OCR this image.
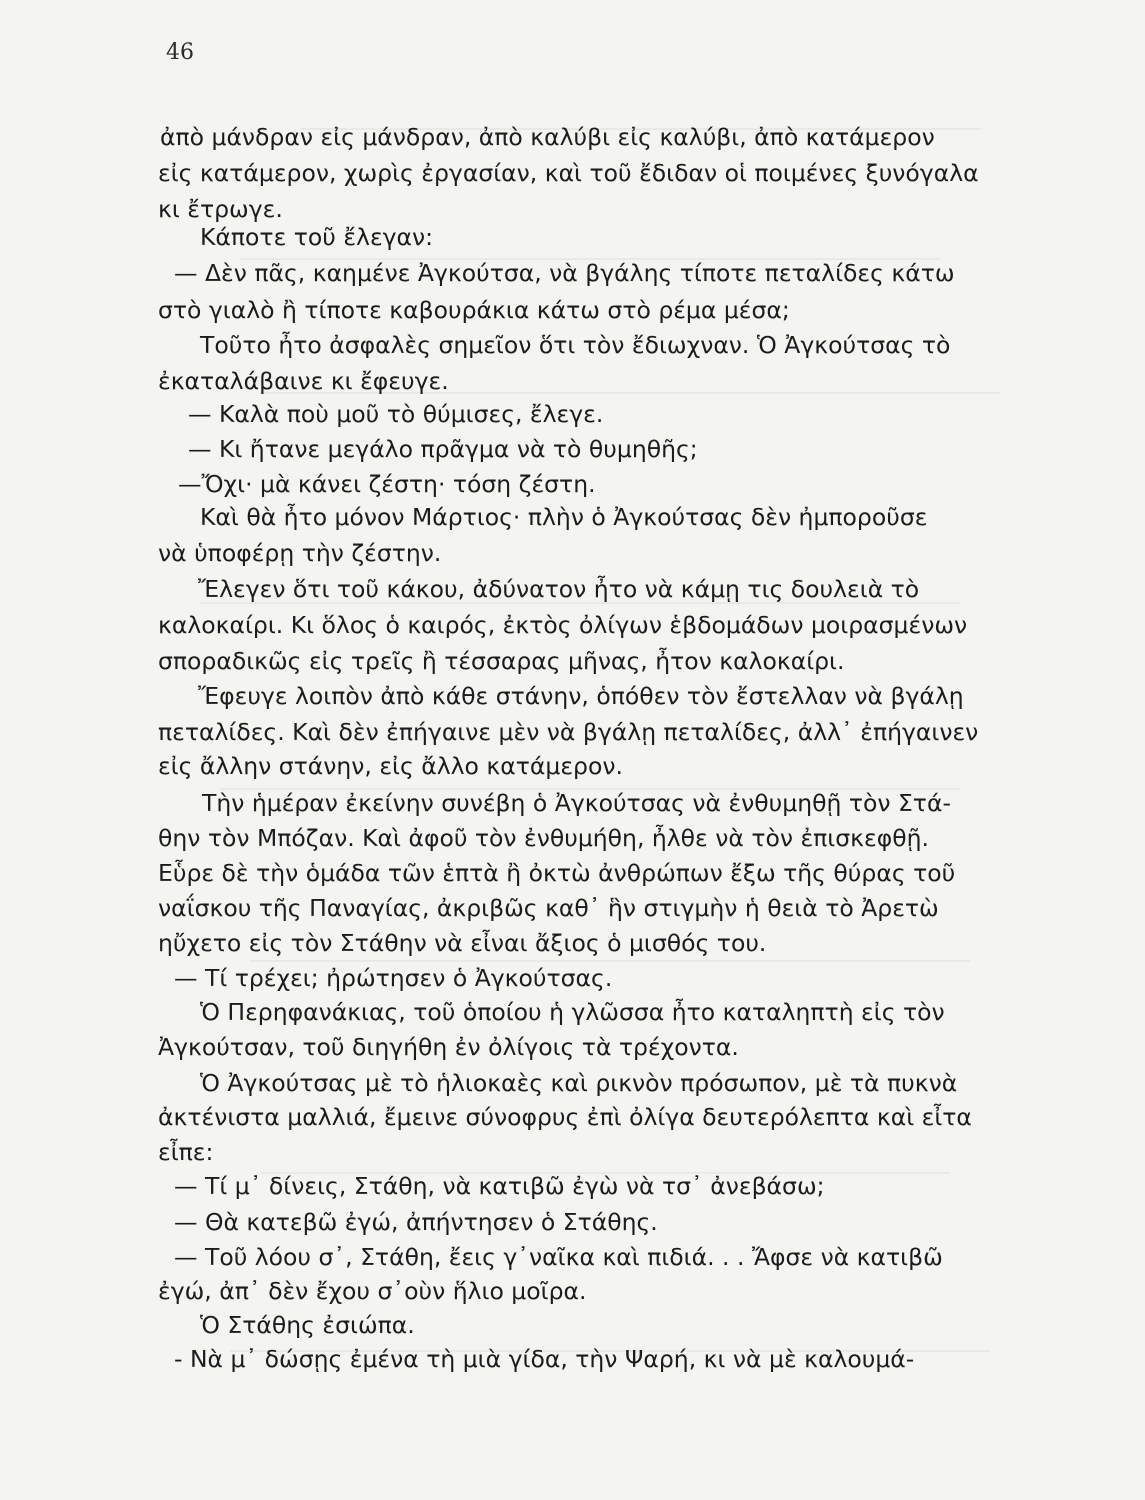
46
ἀπὸ μάνδραν εἰς μάνδραν, ἀπὸ καλύβι εἰς καλύβι, ἀπὸ κατάμερον
εἰς κατάμερον, χωρὶς ἐργασίαν, καὶ τοῦ ἔδιδαν οἱ ποιμένες ξυνόγαλα
κι ἔτρωγε.
Κάποτε τοῦ ἔλεγαν:
— Δὲν πᾶς, καημένε Ἀγκούτσα, νὰ βγάλης τίποτε πεταλίδες κάτω
στὸ γιαλὸ ἢ τίποτε καβουράκια κάτω στὸ ρέμα μέσα;
Τοῦτο ἦτο ἀσφαλὲς σημεῖον ὅτι τὸν ἔδιωχναν. Ὁ Ἀγκούτσας τὸ
ἐκαταλάβαινε κι ἔφευγε.
— Καλὰ ποὺ μοῦ τὸ θύμισες, ἔλεγε.
— Κι ἤτανε μεγάλο πρᾶγμα νὰ τὸ θυμηθῆς;
—Ὄχι· μὰ κάνει ζέστη· τόση ζέστη.
Καὶ θὰ ἦτο μόνον Μάρτιος· πλὴν ὁ Ἀγκούτσας δὲν ἠμποροῦσε
νὰ ὑποφέρῃ τὴν ζέστην.
Ἔλεγεν ὅτι τοῦ κάκου, ἀδύνατον ἦτο νὰ κάμῃ τις δουλειὰ τὸ
καλοκαίρι. Κι ὅλος ὁ καιρός, ἐκτὸς ὀλίγων ἑβδομάδων μοιρασμένων
σποραδικῶς εἰς τρεῖς ἢ τέσσαρας μῆνας, ἦτον καλοκαίρι.
Ἔφευγε λοιπὸν ἀπὸ κάθε στάνην, ὁπόθεν τὸν ἔστελλαν νὰ βγάλῃ
πεταλίδες. Καὶ δὲν ἐπήγαινε μὲν νὰ βγάλῃ πεταλίδες, ἀλλ᾽ ἐπήγαινεν
εἰς ἄλλην στάνην, εἰς ἄλλο κατάμερον.
Τὴν ἡμέραν ἐκείνην συνέβη ὁ Ἀγκούτσας νὰ ἐνθυμηθῇ τὸν Στά-
θην τὸν Μπόζαν. Καὶ ἀφοῦ τὸν ἐνθυμήθη, ἦλθε νὰ τὸν ἐπισκεφθῇ.
Εὗρε δὲ τὴν ὁμάδα τῶν ἑπτὰ ἢ ὀκτὼ ἀνθρώπων ἔξω τῆς θύρας τοῦ
ναΐσκου τῆς Παναγίας, ἀκριβῶς καθ᾽ ἣν στιγμὴν ἡ θειὰ τὸ Ἀρετὼ
ηὔχετο εἰς τὸν Στάθην νὰ εἶναι ἄξιος ὁ μισθός του.
— Τί τρέχει; ἠρώτησεν ὁ Ἀγκούτσας.
Ὁ Περηφανάκιας, τοῦ ὁποίου ἡ γλῶσσα ἦτο καταληπτὴ εἰς τὸν
Ἀγκούτσαν, τοῦ διηγήθη ἐν ὀλίγοις τὰ τρέχοντα.
Ὁ Ἀγκούτσας μὲ τὸ ἡλιοκαὲς καὶ ρικνὸν πρόσωπον, μὲ τὰ πυκνὰ
ἀκτένιστα μαλλιά, ἔμεινε σύνοφρυς ἐπὶ ὀλίγα δευτερόλεπτα καὶ εἶτα
εἶπε:
— Τί μ᾽ δίνεις, Στάθη, νὰ κατιβῶ ἐγὼ νὰ τσ᾽ ἀνεβάσω;
— Θὰ κατεβῶ ἐγώ, ἀπήντησεν ὁ Στάθης.
— Τοῦ λόου σ᾽, Στάθη, ἔεις γ᾽ναῖκα καὶ πιδιά. . . Ἄφσε νὰ κατιβῶ
ἐγώ, ἀπ᾽ δὲν ἔχου σ᾽οὺν ἥλιο μοῖρα.
Ὁ Στάθης ἐσιώπα.
- Νὰ μ᾽ δώσῃς ἐμένα τὴ μιὰ γίδα, τὴν Ψαρή, κι νὰ μὲ καλουμά-
